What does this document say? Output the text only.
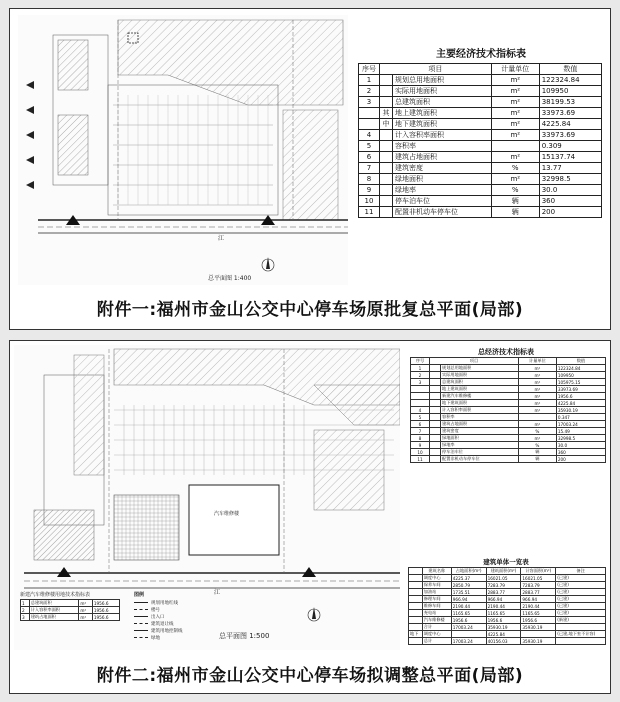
江
总平面图 1:400
主要经济技术指标表
序号	项目		计量单位	数值
1		规划总用地面积	m²	122324.84
2		实际用地面积	m²	109950
3		总建筑面积	m²	38199.53
	其	地上建筑面积	m²	33973.69
	中	地下建筑面积	m²	4225.84
4		计入容积率面积	m²	33973.69
5		容积率		0.309
6		建筑占地面积	m²	15137.74
7		建筑密度	%	13.77
8		绿地面积	m²	32998.5
9		绿地率	%	30.0
10		停车泊车位	辆	360
11		配置非机动车停车位	辆	200
附件一:福州市金山公交中心停车场原批复总平面(局部)
汽车维修楼
江
总平面图 1:500
新建汽车维修楼用地技术指标表
1	总建筑面积	m²	1956.6
2	计入容积率面积	m²	1956.6
3	建筑占地面积	m²	1956.6
图例
规划用地红线
楼号
出入口
建筑退让线
建筑用地控制线
绿地
总经济技术指标表
序号	项目		计量单位	数值
1		规划总用地面积	m²	122324.84
2		实际用地面积	m²	109950
3		总建筑面积	m²	105975.15
		地上建筑面积	m²	33973.69
		新建汽车维修楼	m²	1956.6
		地下建筑面积	m²	4225.84
4		计入容积率面积	m²	35930.19
5		容积率		0.347
6		建筑占地面积	m²	17003.24
7		建筑密度	%	15.49
8		绿地面积	m²	32998.5
9		绿地率	%	30.0
10		停车泊车位	辆	360
11		配置非机动车停车位	辆	200
建筑单体一览表
	建筑名称	占地面积(m²)	建筑面积(m²)	计容面积(m²)	备注
	调度中心	4225.37	16021.05	16021.05	(已建)
	保养车间	2850.79	7283.79	7283.79	(已建)
	加油站	1735.51	2883.77	2883.77	(已建)
	修理车间	966.94	966.94	966.94	(已建)
	维修车间	2190.44	2190.44	2190.44	(已建)
	充电站	1165.65	1165.65	1165.65	(已建)
	汽车维修楼	1956.6	1956.6	1956.6	(新建)
	合计	17003.24	35930.19	35930.19	
地下	调度中心		4225.84		(已建,地下室不计容)
	总计	17003.24	40156.03	35930.19	
附件二:福州市金山公交中心停车场拟调整总平面(局部)
